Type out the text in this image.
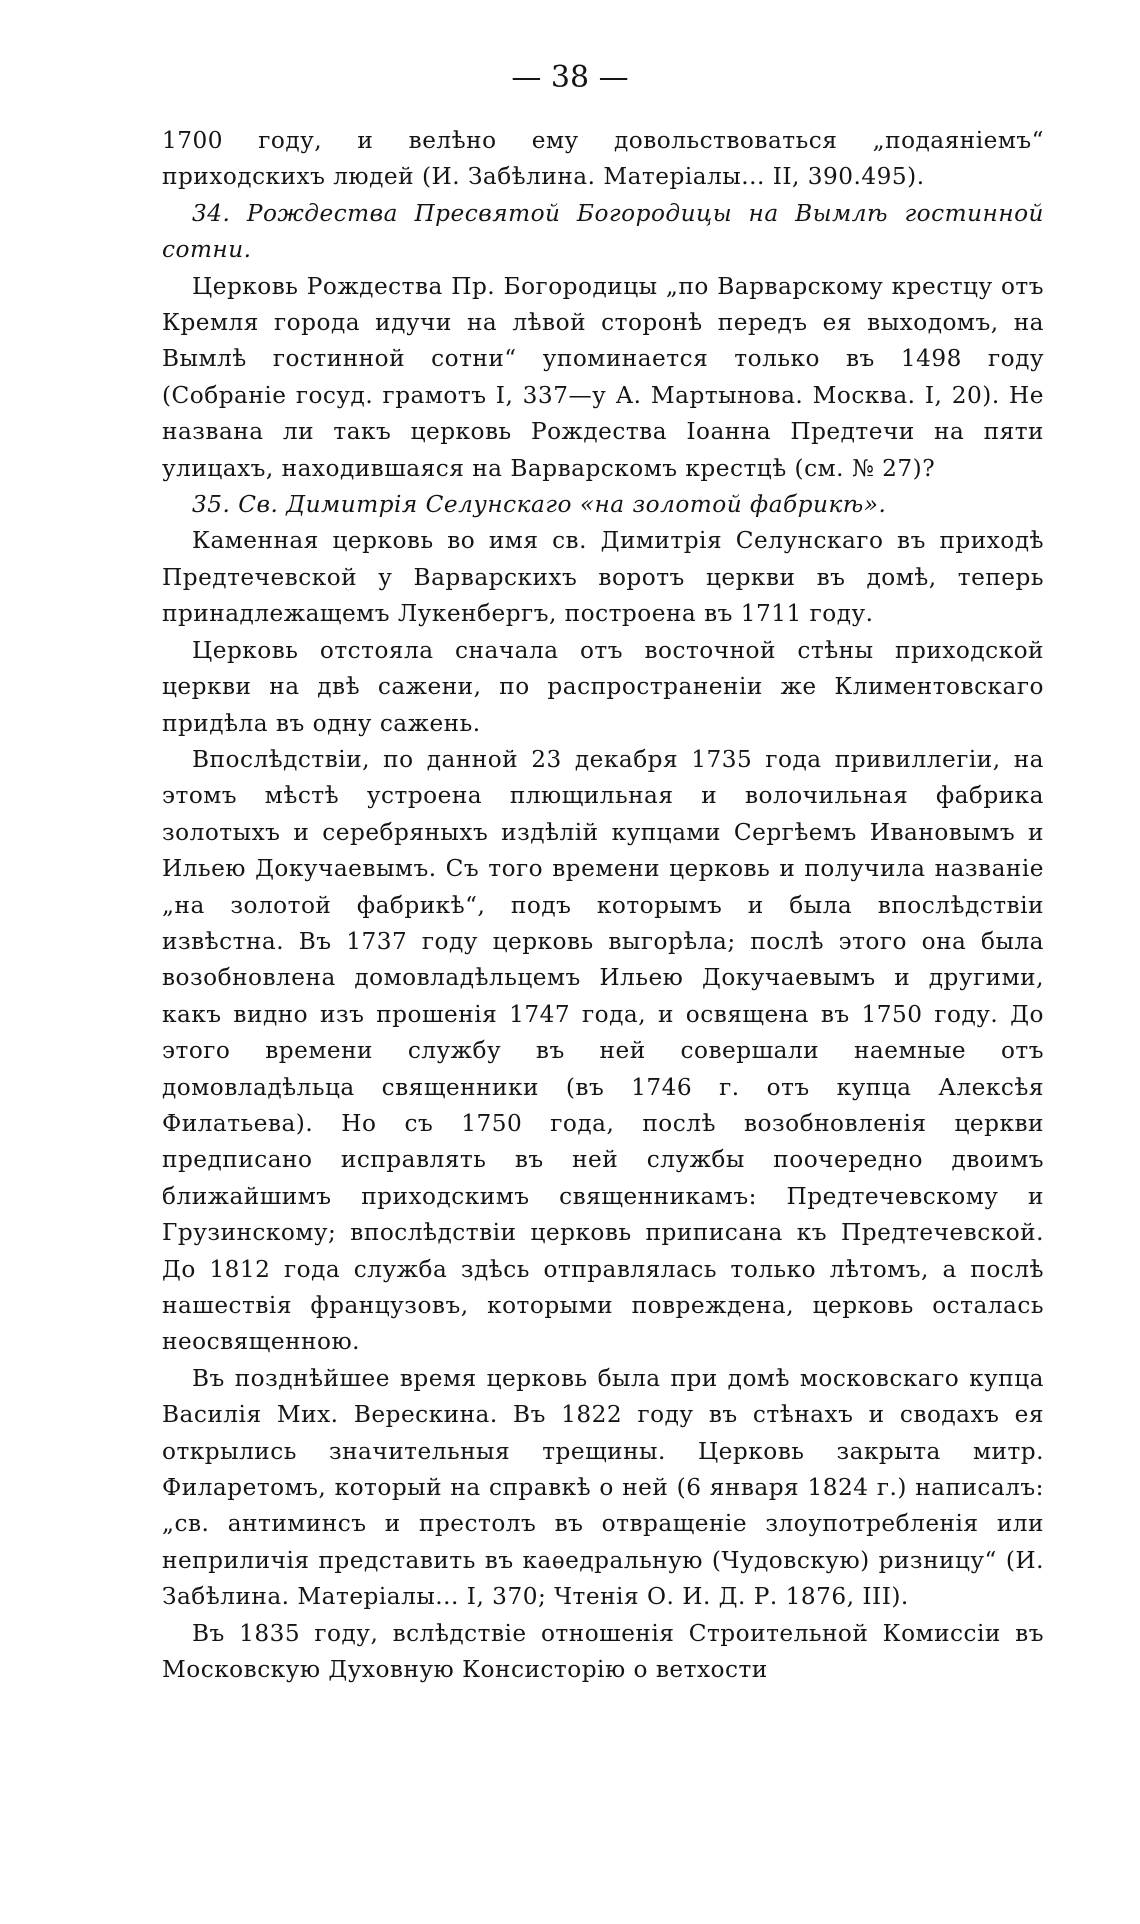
— 38 —

1700 году, и велѣно ему довольствоваться „подаяніемъ“ приходскихъ людей (И. Забѣлина. Матеріалы... II, 390.495).

34. Рождества Пресвятой Богородицы на Вымлѣ гостинной сотни.

Церковь Рождества Пр. Богородицы „по Варварскому крестцу отъ Кремля города идучи на лѣвой сторонѣ передъ ея выходомъ, на Вымлѣ гостинной сотни“ упоминается только въ 1498 году (Собраніе госуд. грамотъ I, 337—у А. Мартынова. Москва. I, 20). Не названа ли такъ церковь Рождества Іоанна Предтечи на пяти улицахъ, находившаяся на Варварскомъ крестцѣ (см. № 27)?

35. Св. Димитрія Селунскаго «на золотой фабрикѣ».

Каменная церковь во имя св. Димитрія Селунскаго въ приходѣ Предтечевской у Варварскихъ воротъ церкви въ домѣ, теперь принадлежащемъ Лукенбергъ, построена въ 1711 году.

Церковь отстояла сначала отъ восточной стѣны приходской церкви на двѣ сажени, по распространеніи же Климентовскаго придѣла въ одну сажень.

Впослѣдствіи, по данной 23 декабря 1735 года привиллегіи, на этомъ мѣстѣ устроена плющильная и волочильная фабрика золотыхъ и серебряныхъ издѣлій купцами Сергѣемъ Ивановымъ и Ильею Докучаевымъ. Съ того времени церковь и получила названіе „на золотой фабрикѣ“, подъ которымъ и была впослѣдствіи извѣстна. Въ 1737 году церковь выгорѣла; послѣ этого она была возобновлена домовладѣльцемъ Ильею Докучаевымъ и другими, какъ видно изъ прошенія 1747 года, и освящена въ 1750 году. До этого времени службу въ ней совершали наемные отъ домовладѣльца священники (въ 1746 г. отъ купца Алексѣя Филатьева). Но съ 1750 года, послѣ возобновленія церкви предписано исправлять въ ней службы поочередно двоимъ ближайшимъ приходскимъ священникамъ: Предтечевскому и Грузинскому; впослѣдствіи церковь приписана къ Предтечевской. До 1812 года служба здѣсь отправлялась только лѣтомъ, а послѣ нашествія французовъ, которыми повреждена, церковь осталась неосвященною.

Въ позднѣйшее время церковь была при домѣ московскаго купца Василія Мих. Верескина. Въ 1822 году въ стѣнахъ и сводахъ ея открылись значительныя трещины. Церковь закрыта митр. Филаретомъ, который на справкѣ о ней (6 января 1824 г.) написалъ: „св. антиминсъ и престолъ въ отвращеніе злоупотребленія или неприличія представить въ каѳедральную (Чудовскую) ризницу“ (И. Забѣлина. Матеріалы... I, 370; Чтенія О. И. Д. Р. 1876, III).

Въ 1835 году, вслѣдствіе отношенія Строительной Комиссіи въ Московскую Духовную Консисторію о ветхости
